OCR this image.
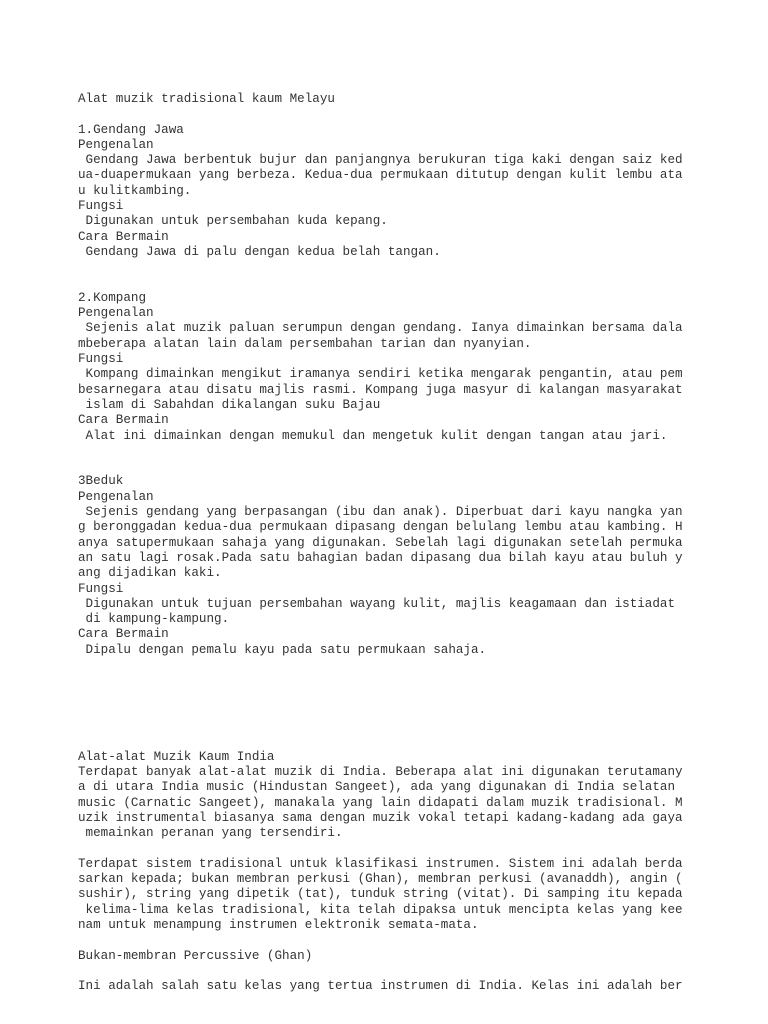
Alat muzik tradisional kaum Melayu
1.Gendang Jawa
Pengenalan
Gendang Jawa berbentuk bujur dan panjangnya berukuran tiga kaki dengan saiz ked
ua-duapermukaan yang berbeza. Kedua-dua permukaan ditutup dengan kulit lembu ata
u kulitkambing.
Fungsi
Digunakan untuk persembahan kuda kepang.
Cara Bermain
Gendang Jawa di palu dengan kedua belah tangan.
2.Kompang
Pengenalan
Sejenis alat muzik paluan serumpun dengan gendang. Ianya dimainkan bersama dala
mbeberapa alatan lain dalam persembahan tarian dan nyanyian.
Fungsi
Kompang dimainkan mengikut iramanya sendiri ketika mengarak pengantin, atau pem
besarnegara atau disatu majlis rasmi. Kompang juga masyur di kalangan masyarakat
islam di Sabahdan dikalangan suku Bajau
Cara Bermain
Alat ini dimainkan dengan memukul dan mengetuk kulit dengan tangan atau jari.
3Beduk
Pengenalan
Sejenis gendang yang berpasangan (ibu dan anak). Diperbuat dari kayu nangka yan
g beronggadan kedua-dua permukaan dipasang dengan belulang lembu atau kambing. H
anya satupermukaan sahaja yang digunakan. Sebelah lagi digunakan setelah permuka
an satu lagi rosak.Pada satu bahagian badan dipasang dua bilah kayu atau buluh y
ang dijadikan kaki.
Fungsi
Digunakan untuk tujuan persembahan wayang kulit, majlis keagamaan dan istiadat
di kampung-kampung.
Cara Bermain
Dipalu dengan pemalu kayu pada satu permukaan sahaja.
Alat-alat Muzik Kaum India
Terdapat banyak alat-alat muzik di India. Beberapa alat ini digunakan terutamany
a di utara India music (Hindustan Sangeet), ada yang digunakan di India selatan
music (Carnatic Sangeet), manakala yang lain didapati dalam muzik tradisional. M
uzik instrumental biasanya sama dengan muzik vokal tetapi kadang-kadang ada gaya
memainkan peranan yang tersendiri.
Terdapat sistem tradisional untuk klasifikasi instrumen. Sistem ini adalah berda
sarkan kepada; bukan membran perkusi (Ghan), membran perkusi (avanaddh), angin (
sushir), string yang dipetik (tat), tunduk string (vitat). Di samping itu kepada
kelima-lima kelas tradisional, kita telah dipaksa untuk mencipta kelas yang kee
nam untuk menampung instrumen elektronik semata-mata.
Bukan-membran Percussive (Ghan)
Ini adalah salah satu kelas yang tertua instrumen di India. Kelas ini adalah ber
